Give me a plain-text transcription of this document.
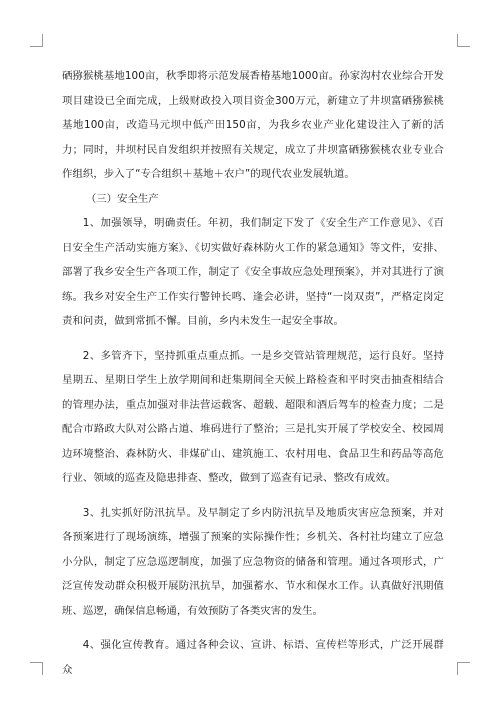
硒猕猴桃基地100亩，秋季即将示范发展香椿基地1000亩。孙家沟村农业综合开发项目建设已全面完成，上级财政投入项目资金300万元，新建立了井坝富硒猕猴桃基地100亩，改造马元坝中低产田150亩，为我乡农业产业化建设注入了新的活力；同时，井坝村民自发组织并按照有关规定，成立了井坝富硒猕猴桃农业专业合作组织，步入了“专合组织＋基地＋农户”的现代农业发展轨道。

（三）安全生产

1、加强领导，明确责任。年初，我们制定下发了《安全生产工作意见》、《百日安全生产活动实施方案》、《切实做好森林防火工作的紧急通知》等文件，安排、部署了我乡安全生产各项工作，制定了《安全事故应急处理预案》，并对其进行了演练。我乡对安全生产工作实行警钟长鸣、逢会必讲，坚持“一岗双责”，严格定岗定责和问责，做到常抓不懈。目前，乡内未发生一起安全事故。

2、多管齐下，坚持抓重点重点抓。一是乡交管站管理规范，运行良好。坚持星期五、星期日学生上放学期间和赶集期间全天候上路检查和平时突击抽查相结合的管理办法，重点加强对非法营运载客、超载、超限和酒后驾车的检查力度；二是配合市路政大队对公路占道、堆码进行了整治；三是扎实开展了学校安全、校园周边环境整治、森林防火、非煤矿山、建筑施工、农村用电、食品卫生和药品等高危行业、领域的巡查及隐患排查、整改，做到了巡查有记录、整改有成效。

3、扎实抓好防汛抗旱。及早制定了乡内防汛抗旱及地质灾害应急预案，并对各预案进行了现场演练，增强了预案的实际操作性；乡机关、各村社均建立了应急小分队，制定了应急巡逻制度，加强了应急物资的储备和管理。通过各项形式，广泛宣传发动群众积极开展防汛抗旱，加强蓄水、节水和保水工作。认真做好汛期值班、巡逻，确保信息畅通，有效预防了各类灾害的发生。

4、强化宣传教育。通过各种会议、宣讲、标语、宣传栏等形式，广泛开展群众
